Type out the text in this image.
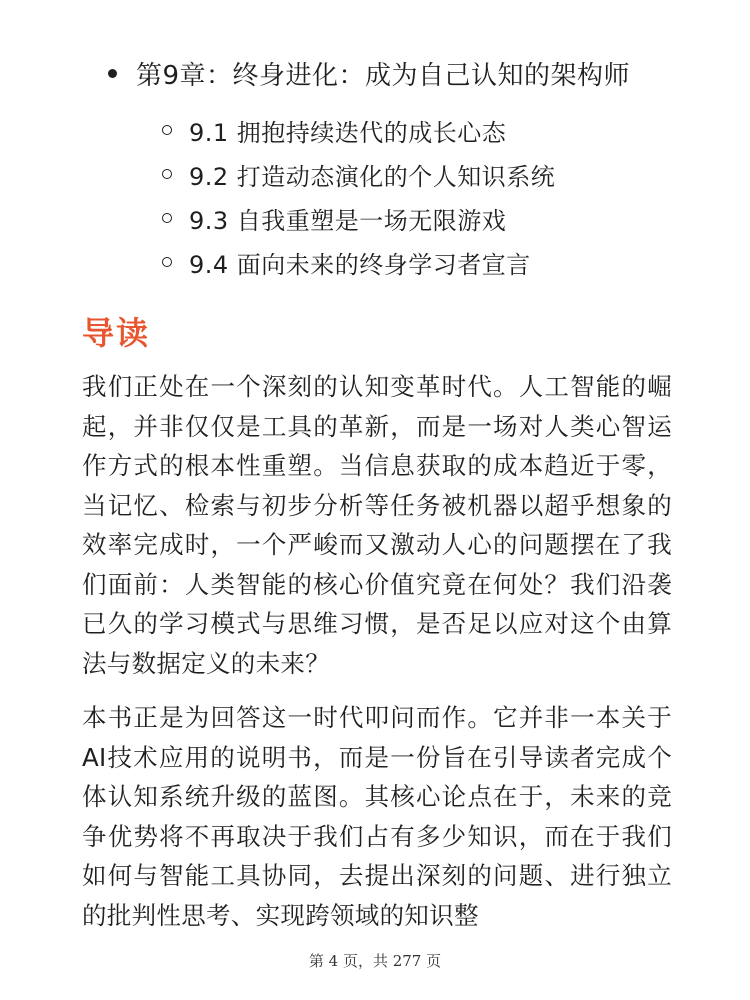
第9章：终身进化：成为自己认知的架构师
9.1 拥抱持续迭代的成长心态
9.2 打造动态演化的个人知识系统
9.3 自我重塑是一场无限游戏
9.4 面向未来的终身学习者宣言
导读

我们正处在一个深刻的认知变革时代。人工智能的崛起，并非仅仅是工具的革新，而是一场对人类心智运作方式的根本性重塑。当信息获取的成本趋近于零，当记忆、检索与初步分析等任务被机器以超乎想象的效率完成时，一个严峻而又激动人心的问题摆在了我们面前：人类智能的核心价值究竟在何处？我们沿袭已久的学习模式与思维习惯，是否足以应对这个由算法与数据定义的未来？

本书正是为回答这一时代叩问而作。它并非一本关于AI技术应用的说明书，而是一份旨在引导读者完成个体认知系统升级的蓝图。其核心论点在于，未来的竞争优势将不再取决于我们占有多少知识，而在于我们如何与智能工具协同，去提出深刻的问题、进行独立的批判性思考、实现跨领域的知识整

第 4 页，共 277 页
